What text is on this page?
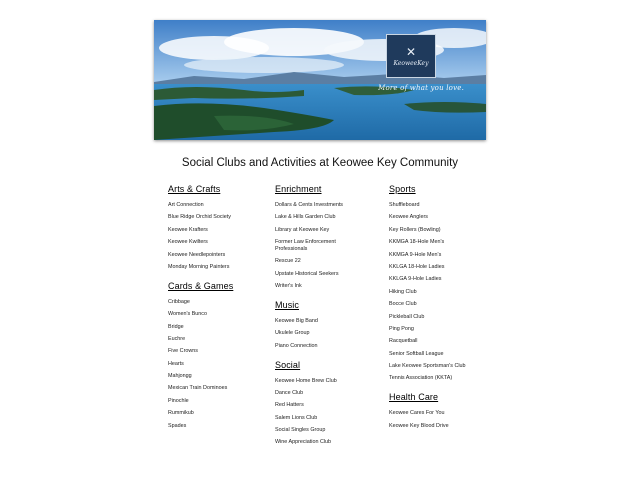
✕
KeoweeKey
More of what you love.
Social Clubs and Activities at Keowee Key Community
Arts & Crafts
Art Connection
Blue Ridge Orchid Society
Keowee Krafters
Keowee Kwilters
Keowee Needlepointers
Monday Morning Painters
Cards & Games
Cribbage
Women's Bunco
Bridge
Euchre
Five Crowns
Hearts
Mahjongg
Mexican Train Dominoes
Pinochle
Rummikub
Spades
Enrichment
Dollars & Cents Investments
Lake & Hills Garden Club
Library at Keowee Key
Former Law Enforcement Professionals
Rescue 22
Upstate Historical Seekers
Writer's Ink
Music
Keowee Big Band
Ukulele Group
Piano Connection
Social
Keowee Home Brew Club
Dance Club
Red Hatters
Salem Lions Club
Social Singles Group
Wine Appreciation Club
Sports
Shuffleboard
Keowee Anglers
Key Rollers (Bowling)
KKMGA 18-Hole Men's
KKMGA 9-Hole Men's
KKLGA 18-Hole Ladies
KKLGA 9-Hole Ladies
Hiking Club
Bocce Club
Pickleball Club
Ping Pong
Racquetball
Senior Softball League
Lake Keowee Sportsman's Club
Tennis Association (KKTA)
Health Care
Keowee Cares For You
Keowee Key Blood Drive
